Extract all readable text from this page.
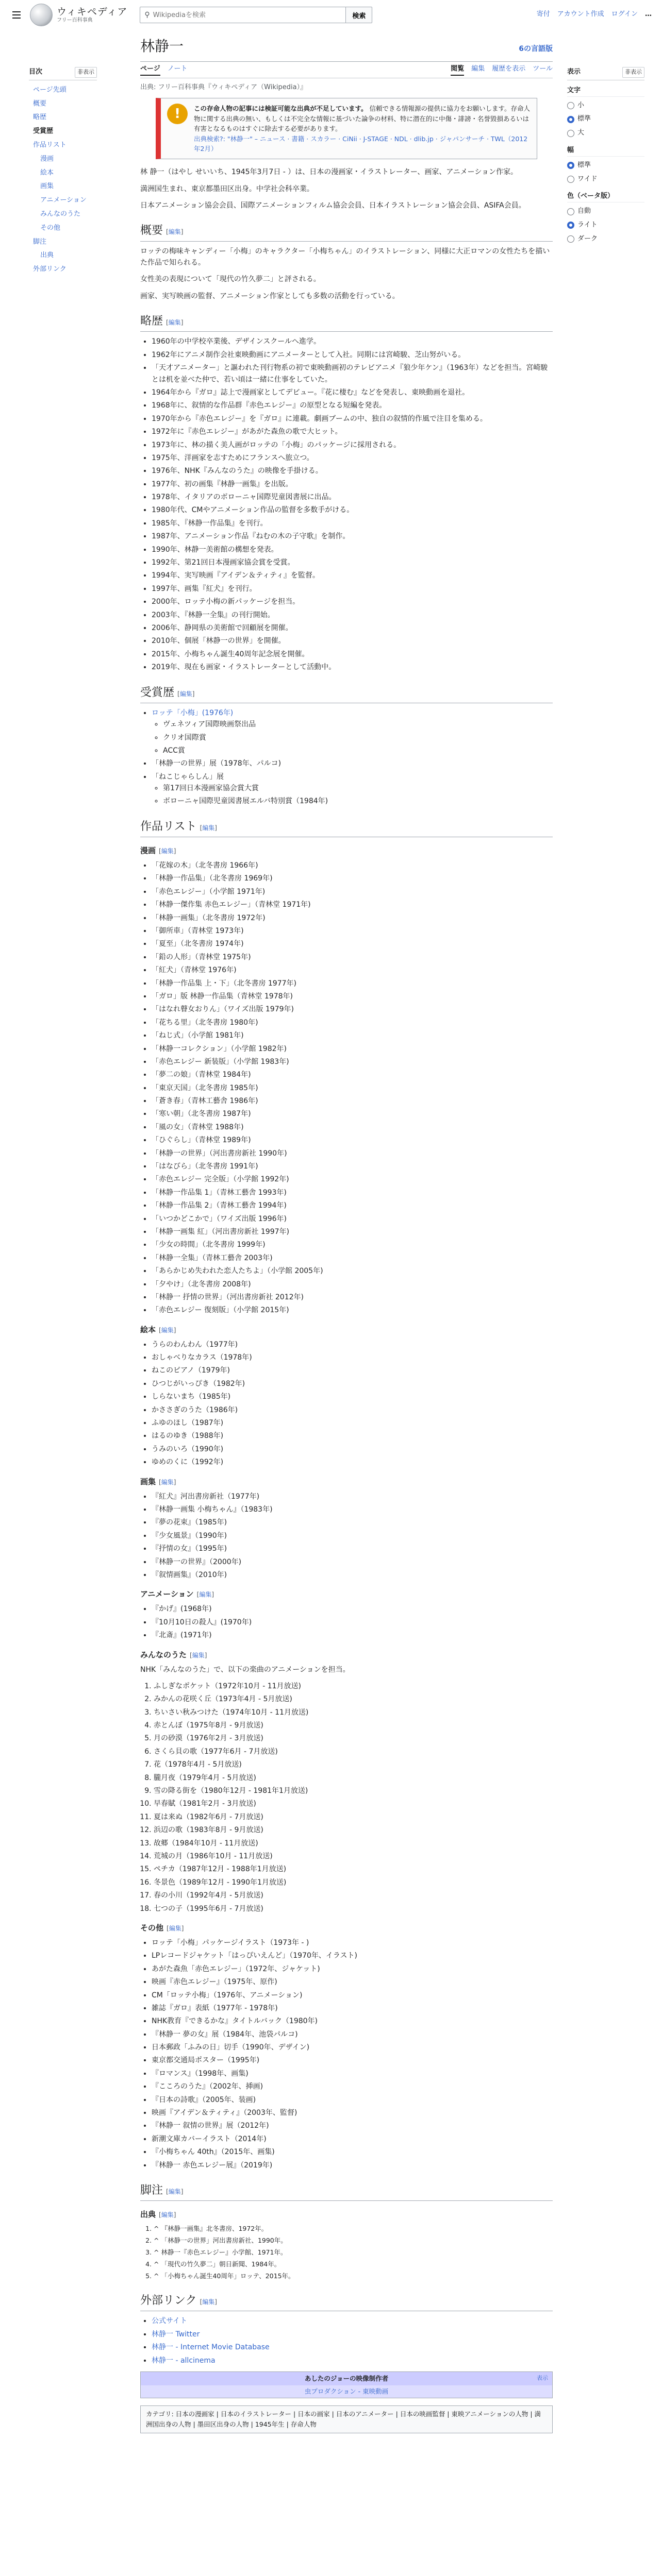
ウィキペディア
フリー百科事典
⚲
Wikipediaを検索	検索	寄付 アカウント作成 ログイン …
目次	非表示
ページ先頭
概要
略歴
受賞歴
作品リスト
漫画
絵本
画集
アニメーション
みんなのうた
その他
脚注
出典
外部リンク
林静一	6の言語版
ページ ノート	閲覧 編集 履歴を表示 ツール
出典: フリー百科事典『ウィキペディア（Wikipedia）』
!	この存命人物の記事には検証可能な出典が不足しています。 信頼できる情報源の提供に協力をお願いします。存命人物に関する出典の無い、もしくは不完全な情報に基づいた論争の材料、特に潜在的に中傷・誹謗・名誉毀損あるいは有害となるものはすぐに除去する必要があります。
出典検索?: "林静一" – ニュース · 書籍 · スカラー · CiNii · J-STAGE · NDL · dlib.jp · ジャパンサーチ · TWL（2012年2月）

林 静一（はやし せいいち、1945年3月7日 - ）は、日本の漫画家・イラストレーター、画家、アニメーション作家。

満洲国生まれ、東京都墨田区出身。中学社会科卒業。

日本アニメーション協会会員、国際アニメーションフィルム協会会員、日本イラストレーション協会会員、ASIFA会員。

概要 [編集]

ロッテの梅味キャンディー「小梅」のキャラクター「小梅ちゃん」のイラストレーション、同様に大正ロマンの女性たちを描いた作品で知られる。

女性美の表現について「現代の竹久夢二」と評される。

画家、実写映画の監督、アニメーション作家としても多数の活動を行っている。

略歴 [編集]
• 1960年の中学校卒業後、デザインスクールへ進学。
• 1962年にアニメ制作会社東映動画にアニメーターとして入社。同期には宮崎駿、芝山努がいる。
• 「天才アニメーター」と謳われた刊行物系の初で東映動画初のテレビアニメ『狼少年ケン』（1963年）などを担当。宮崎駿とは机を並べた仲で、若い頃は一緒に仕事をしていた。
• 1964年から『ガロ』誌上で漫画家としてデビュー。『花に棲む』などを発表し、東映動画を退社。
• 1968年に、叙情的な作品群『赤色エレジー』の原型となる短編を発表。
• 1970年から『赤色エレジー』を『ガロ』に連載。劇画ブームの中、独自の叙情的作風で注目を集める。
• 1972年に『赤色エレジー』があがた森魚の歌で大ヒット。
• 1973年に、林の描く美人画がロッテの「小梅」のパッケージに採用される。
• 1975年、洋画家を志すためにフランスへ旅立つ。
• 1976年、NHK『みんなのうた』の映像を手掛ける。
• 1977年、初の画集『林静一画集』を出版。
• 1978年、イタリアのボローニャ国際児童図書展に出品。
• 1980年代、CMやアニメーション作品の監督を多数手がける。
• 1985年、『林静一作品集』を刊行。
• 1987年、アニメーション作品『ねむの木の子守歌』を制作。
• 1990年、林静一美術館の構想を発表。
• 1992年、第21回日本漫画家協会賞を受賞。
• 1994年、実写映画『アイデン＆ティティ』を監督。
• 1997年、画集『紅犬』を刊行。
• 2000年、ロッテ小梅の新パッケージを担当。
• 2003年、『林静一全集』の刊行開始。
• 2006年、静岡県の美術館で回顧展を開催。
• 2010年、個展「林静一の世界」を開催。
• 2015年、小梅ちゃん誕生40周年記念展を開催。
• 2019年、現在も画家・イラストレーターとして活動中。
受賞歴 [編集]
• ロッテ「小梅」(1976年)
◦ ヴェネツィア国際映画祭出品
◦ クリオ国際賞
◦ ACC賞
• 「林静一の世界」展（1978年、パルコ)
• 「ねこじゃらしん」展
◦ 第17回日本漫画家協会賞大賞
◦ ボローニャ国際児童図書展エルバ特別賞（1984年)
作品リスト [編集]
漫画 [編集]
• 「花嫁の木」（北冬書房 1966年)
• 「林静一作品集」（北冬書房 1969年)
• 「赤色エレジー」（小学館 1971年)
• 「林静一傑作集 赤色エレジー」（青林堂 1971年)
• 「林静一画集」（北冬書房 1972年)
• 「御所車」（青林堂 1973年)
• 「夏至」（北冬書房 1974年)
• 「鉛の人形」（青林堂 1975年)
• 「紅犬」（青林堂 1976年)
• 「林静一作品集 上・下」（北冬書房 1977年)
• 「ガロ」版 林静一作品集（青林堂 1978年)
• 「はなれ瞽女おりん」（ワイズ出版 1979年)
• 「花ちる里」（北冬書房 1980年)
• 「ねじ式」（小学館 1981年)
• 「林静一コレクション」（小学館 1982年)
• 「赤色エレジー 新装版」（小学館 1983年)
• 「夢二の娘」（青林堂 1984年)
• 「東京天国」（北冬書房 1985年)
• 「蒼き春」（青林工藝舎 1986年)
• 「寒い朝」（北冬書房 1987年)
• 「風の女」（青林堂 1988年)
• 「ひぐらし」（青林堂 1989年)
• 「林静一の世界」（河出書房新社 1990年)
• 「はなびら」（北冬書房 1991年)
• 「赤色エレジー 完全版」（小学館 1992年)
• 「林静一作品集 1」（青林工藝舎 1993年)
• 「林静一作品集 2」（青林工藝舎 1994年)
• 「いつかどこかで」（ワイズ出版 1996年)
• 「林静一画集 紅」（河出書房新社 1997年)
• 「少女の時間」（北冬書房 1999年)
• 「林静一全集」（青林工藝舎 2003年)
• 「あらかじめ失われた恋人たちよ」（小学館 2005年)
• 「夕やけ」（北冬書房 2008年)
• 「林静一 抒情の世界」（河出書房新社 2012年)
• 「赤色エレジー 復刻版」（小学館 2015年)
絵本 [編集]
• うらのわんわん（1977年)
• おしゃべりなカラス（1978年)
• ねこのピアノ（1979年)
• ひつじがいっぴき（1982年)
• しらないまち（1985年)
• かささぎのうた（1986年)
• ふゆのほし（1987年)
• はるのゆき（1988年)
• うみのいろ（1990年)
• ゆめのくに（1992年)
画集 [編集]
• 『紅犬』河出書房新社（1977年)
• 『林静一画集 小梅ちゃん』（1983年)
• 『夢の花束』（1985年)
• 『少女風景』（1990年)
• 『抒情の女』（1995年)
• 『林静一の世界』（2000年)
• 『叙情画集』（2010年)
アニメーション [編集]
• 『かげ』(1968年)
• 『10月10日の殺人』(1970年)
• 『北斎』(1971年)
みんなのうた [編集]

NHK「みんなのうた」で、以下の楽曲のアニメーションを担当。

1. ふしぎなポケット（1972年10月 - 11月放送)
2. みかんの花咲く丘（1973年4月 - 5月放送)
3. ちいさい秋みつけた（1974年10月 - 11月放送)
4. 赤とんぼ（1975年8月 - 9月放送)
5. 月の砂漠（1976年2月 - 3月放送)
6. さくら貝の歌（1977年6月 - 7月放送)
7. 花（1978年4月 - 5月放送)
8. 朧月夜（1979年4月 - 5月放送)
9. 雪の降る街を（1980年12月 - 1981年1月放送)
10. 早春賦（1981年2月 - 3月放送)
11. 夏は来ぬ（1982年6月 - 7月放送)
12. 浜辺の歌（1983年8月 - 9月放送)
13. 故郷（1984年10月 - 11月放送)
14. 荒城の月（1986年10月 - 11月放送)
15. ペチカ（1987年12月 - 1988年1月放送)
16. 冬景色（1989年12月 - 1990年1月放送)
17. 春の小川（1992年4月 - 5月放送)
18. 七つの子（1995年6月 - 7月放送)
その他 [編集]
• ロッテ「小梅」パッケージイラスト（1973年 - )
• LPレコードジャケット「はっぴいえんど」（1970年、イラスト)
• あがた森魚「赤色エレジー」（1972年、ジャケット)
• 映画『赤色エレジー』（1975年、原作)
• CM「ロッテ小梅」（1976年、アニメーション)
• 雑誌『ガロ』表紙（1977年 - 1978年)
• NHK教育『できるかな』タイトルバック（1980年)
• 『林静一 夢の女』展（1984年、池袋パルコ)
• 日本郵政「ふみの日」切手（1990年、デザイン)
• 東京都交通局ポスター（1995年)
• 『ロマンス』（1998年、画集)
• 『こころのうた』（2002年、挿画)
• 『日本の詩歌』（2005年、装画)
• 映画『アイデン＆ティティ』（2003年、監督)
• 『林静一 叙情の世界』展（2012年)
• 新潮文庫カバーイラスト（2014年)
• 『小梅ちゃん 40th』（2015年、画集)
• 『林静一 赤色エレジー展』（2019年)
脚注 [編集]
出典 [編集]
1. ^ 『林静一画集』北冬書房、1972年。
2. ^ 「林静一の世界」河出書房新社、1990年。
3. ^ 林静一『赤色エレジー』小学館、1971年。
4. ^ 「現代の竹久夢二」朝日新聞、1984年。
5. ^ 「小梅ちゃん誕生40周年」ロッテ、2015年。
外部リンク [編集]
• 公式サイト
• 林静一 Twitter
• 林静一 - Internet Movie Database
• 林静一 - allcinema
あしたのジョーの映像制作者	表示
虫プロダクション - 東映動画
カテゴリ: 日本の漫画家 | 日本のイラストレーター | 日本の画家 | 日本のアニメーター | 日本の映画監督 | 東映アニメーションの人物 | 満洲国出身の人物 | 墨田区出身の人物 | 1945年生 | 存命人物
表示	非表示
文字
小
標準
大
幅
標準
ワイド
色（ベータ版）
自動
ライト
ダーク
